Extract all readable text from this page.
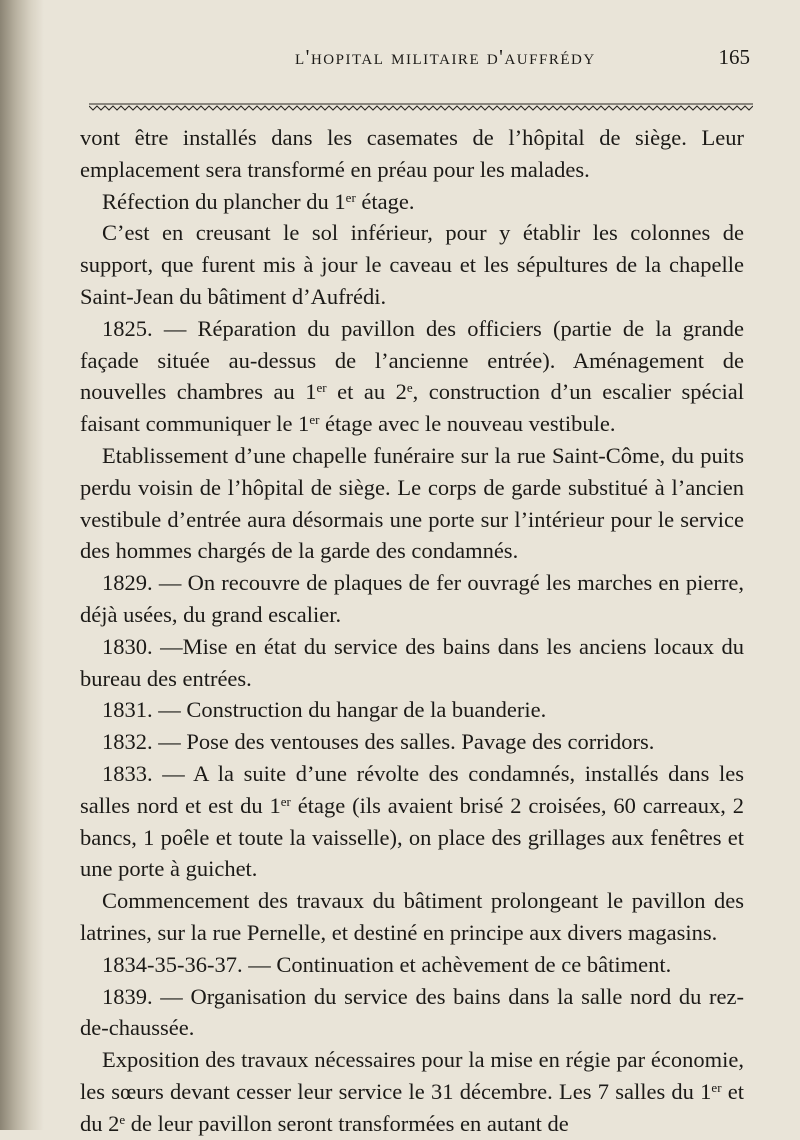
l'hopital militaire d'auffrédy	165

vont être installés dans les casemates de l’hôpital de siège. Leur emplacement sera transformé en préau pour les malades.

Réfection du plancher du 1er étage.

C’est en creusant le sol inférieur, pour y établir les colonnes de support, que furent mis à jour le caveau et les sépultures de la chapelle Saint-Jean du bâtiment d’Aufrédi.

1825. — Réparation du pavillon des officiers (partie de la grande façade située au-dessus de l’ancienne entrée). Aménagement de nouvelles chambres au 1er et au 2e, construction d’un escalier spécial faisant communiquer le 1er étage avec le nouveau vestibule.

Etablissement d’une chapelle funéraire sur la rue Saint-Côme, du puits perdu voisin de l’hôpital de siège. Le corps de garde substitué à l’ancien vestibule d’entrée aura désormais une porte sur l’intérieur pour le service des hommes chargés de la garde des condamnés.

1829. — On recouvre de plaques de fer ouvragé les marches en pierre, déjà usées, du grand escalier.

1830. —Mise en état du service des bains dans les anciens locaux du bureau des entrées.

1831. — Construction du hangar de la buanderie.

1832. — Pose des ventouses des salles. Pavage des corridors.

1833. — A la suite d’une révolte des condamnés, installés dans les salles nord et est du 1er étage (ils avaient brisé 2 croisées, 60 carreaux, 2 bancs, 1 poêle et toute la vaisselle), on place des grillages aux fenêtres et une porte à guichet.

Commencement des travaux du bâtiment prolongeant le pavillon des latrines, sur la rue Pernelle, et destiné en principe aux divers magasins.

1834-35-36-37. — Continuation et achèvement de ce bâtiment.

1839. — Organisation du service des bains dans la salle nord du rez-de-chaussée.

Exposition des travaux nécessaires pour la mise en régie par économie, les sœurs devant cesser leur service le 31 décembre. Les 7 salles du 1er et du 2e de leur pavillon seront transformées en autant de
